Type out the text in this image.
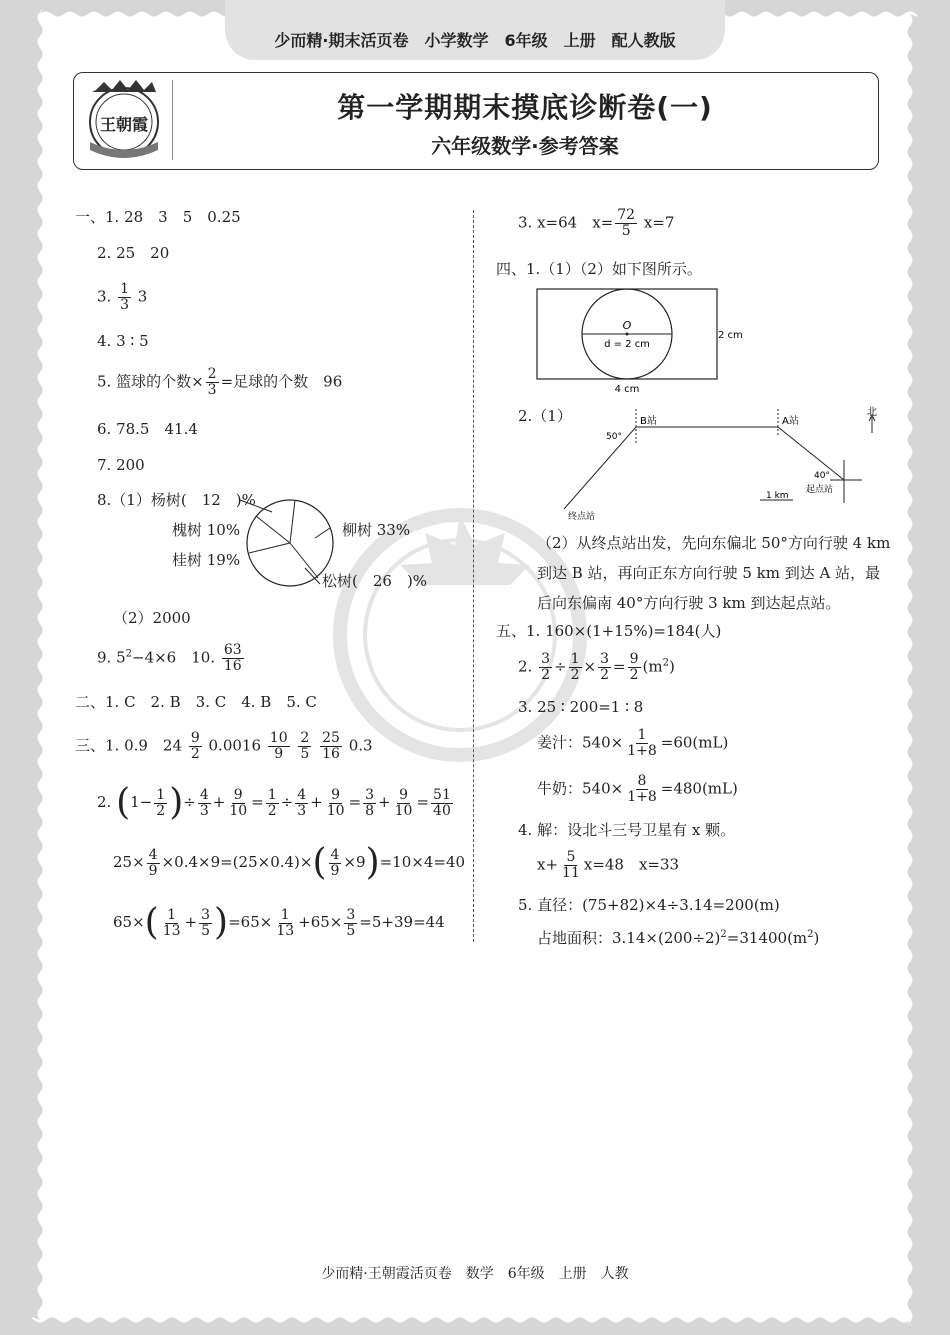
少而精·期末活页卷　小学数学　6年级　上册　配人教版
王朝霞
第一学期期末摸底诊断卷(一)
六年级数学·参考答案
一、1. 28　3　5　0.25
2. 25　20
3. $\frac{1}{3} 3$
4. 3 ∶ 5
5. 篮球的个数× $\frac{2}{3}$ =足球的个数　96
6. 78.5　41.4
7. 200
8.（1）杨树(　12　)%
槐树 10%	柳树 33%
桂树 19%
松树(　26　)%
（2）2000
9. $5^2-4\times 6$　10. $\frac{63}{16}$
二、1. C　2. B　3. C　4. B　5. C
三、1. 0.9　$24 \frac{9}{2} 0.0016 \frac{10}{9}$
$\frac{2}{5}$
$\frac{25}{16} 0.3$
2. ($1- \frac{1}{2}$ )÷ $\frac{4}{3} + \frac{9}{10} = \frac{1}{2} \div \frac{4}{3} + \frac{9}{10} = \frac{3}{8} + \frac{9}{10} = \frac{51}{40}$
$25\times \frac{4}{9} \times 0.4\times 9=(25\times 0.4)\times( \frac{4}{9} \times 9)=10\times 4=40$
$65\times( \frac{1}{13} + \frac{3}{5} )=65\times \frac{1}{13} +65\times \frac{3}{5} =5+39=44$
3. x=64　$x= \frac{72}{5} x=7$
四、1.（1）（2）如下图所示。
O
d = 2 cm
2 cm
4 cm
2.（1）	B站	A站
北
50°
40°
起点站
终点站
1 km
（2）从终点站出发，先向东偏北 50°方向行驶 4 km
到达 B 站，再向正东方向行驶 5 km 到达 A 站，最
后向东偏南 40°方向行驶 3 km 到达起点站。
五、1. 160×(1+15%)=184(人)
2. $\frac{3}{2} \div \frac{1}{2} \times \frac{3}{2} = \frac{9}{2} (m^2)$
3. 25 ∶ 200=1 ∶ 8
姜汁：$540\times \frac{1}{1+8} =60(mL)$
牛奶：$540\times \frac{8}{1+8} =480(mL)$
4. 解：设北斗三号卫星有 x 颗。
$x+ \frac{5}{11} x=48$　x=33
5. 直径：(75+82)×4÷3.14=200(m)
占地面积：$3.14\times(200\div 2)^2=31400(m^2)$
少而精·王朝霞活页卷　数学　6年级　上册　人教
